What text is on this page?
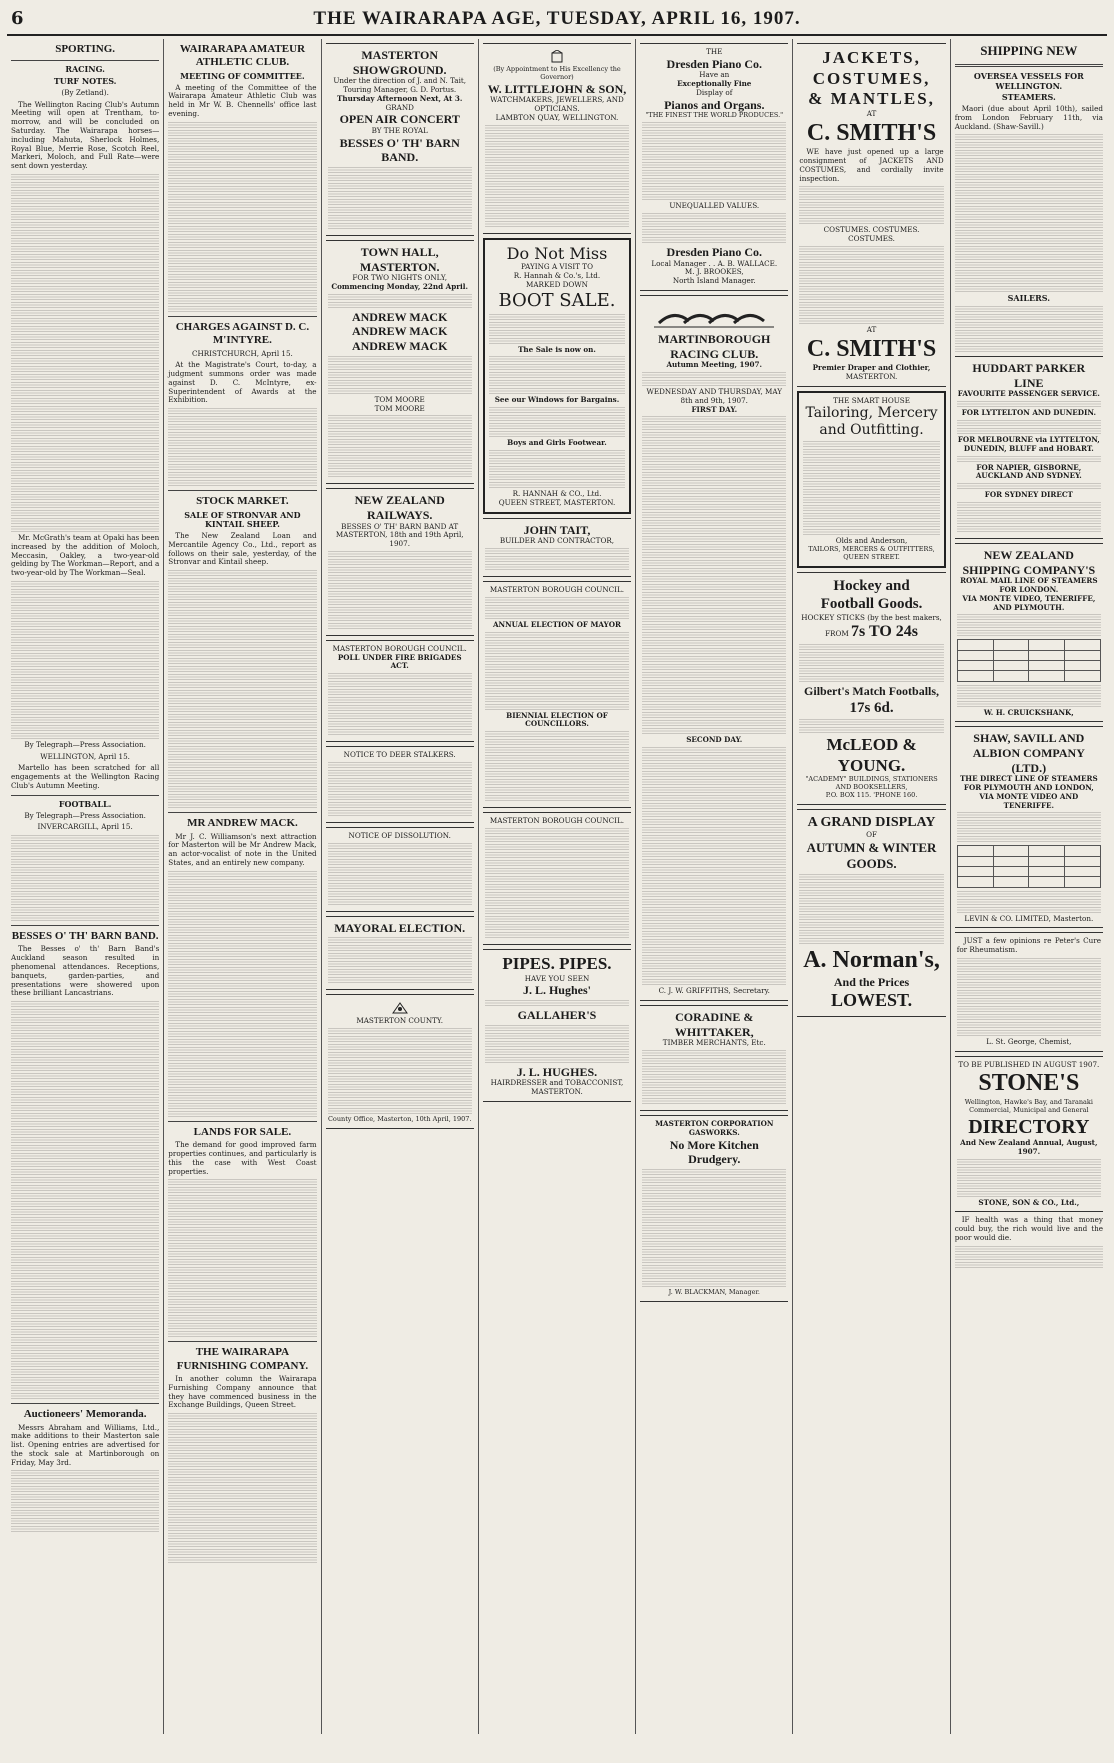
6	THE WAIRARAPA AGE, TUESDAY, APRIL 16, 1907.
SPORTING.
RACING.
TURF NOTES.

(By Zetland).

The Wellington Racing Club's Autumn Meeting will open at Trentham, to-morrow, and will be concluded on Saturday. The Wairarapa horses—including Mahuta, Sherlock Holmes, Royal Blue, Merrie Rose, Scotch Reel, Markeri, Moloch, and Full Rate—were sent down yesterday.

Mr. McGrath's team at Opaki has been increased by the addition of Moloch, Meccasin, Oakley, a two-year-old gelding by The Workman—Report, and a two-year-old by The Workman—Seal.

By Telegraph—Press Association.

WELLINGTON, April 15.

Martello has been scratched for all engagements at the Wellington Racing Club's Autumn Meeting.

FOOTBALL.

By Telegraph—Press Association.

INVERCARGILL, April 15.

BESSES O' TH' BARN BAND.

The Besses o' th' Barn Band's Auckland season resulted in phenomenal attendances. Receptions, banquets, garden-parties, and presentations were showered upon these brilliant Lancastrians.

Auctioneers' Memoranda.

Messrs Abraham and Williams, Ltd., make additions to their Masterton sale list. Opening entries are advertised for the stock sale at Martinborough on Friday, May 3rd.

WAIRARAPA AMATEUR ATHLETIC CLUB.
MEETING OF COMMITTEE.

A meeting of the Committee of the Wairarapa Amateur Athletic Club was held in Mr W. B. Chennells' office last evening.

CHARGES AGAINST D. C. M'INTYRE.

CHRISTCHURCH, April 15.

At the Magistrate's Court, to-day, a judgment summons order was made against D. C. McIntyre, ex-Superintendent of Awards at the Exhibition.

STOCK MARKET.
SALE OF STRONVAR AND KINTAIL SHEEP.

The New Zealand Loan and Mercantile Agency Co., Ltd., report as follows on their sale, yesterday, of the Stronvar and Kintail sheep.

MR ANDREW MACK.

Mr J. C. Williamson's next attraction for Masterton will be Mr Andrew Mack, an actor-vocalist of note in the United States, and an entirely new company.

LANDS FOR SALE.

The demand for good improved farm properties continues, and particularly is this the case with West Coast properties.

THE WAIRARAPA FURNISHING COMPANY.

In another column the Wairarapa Furnishing Company announce that they have commenced business in the Exchange Buildings, Queen Street.

MASTERTON SHOWGROUND.
Under the direction of J. and N. Tait, Touring Manager, G. D. Portus.
Thursday Afternoon Next, At 3.
GRAND
OPEN AIR CONCERT
BY THE ROYAL
BESSES O' TH' BARN BAND.
TOWN HALL, MASTERTON.
FOR TWO NIGHTS ONLY,
Commencing Monday, 22nd April.
ANDREW MACK
ANDREW MACK
ANDREW MACK
TOM MOORE
TOM MOORE
NEW ZEALAND RAILWAYS.
BESSES O' TH' BARN BAND AT MASTERTON, 18th and 19th April, 1907.
MASTERTON BOROUGH COUNCIL.
POLL UNDER FIRE BRIGADES ACT.
NOTICE TO DEER STALKERS.
NOTICE OF DISSOLUTION.
MAYORAL ELECTION.
MASTERTON COUNTY.
County Office, Masterton, 10th April, 1907.
(By Appointment to His Excellency the Governor)
W. LITTLEJOHN & SON,
WATCHMAKERS, JEWELLERS, AND OPTICIANS.
LAMBTON QUAY, WELLINGTON.
Do Not Miss
PAYING A VISIT TO
R. Hannah & Co.'s, Ltd.
MARKED DOWN
BOOT SALE.
The Sale is now on.
See our Windows for Bargains.
Boys and Girls Footwear.
R. HANNAH & CO., Ltd.
QUEEN STREET, MASTERTON.
JOHN TAIT,
BUILDER AND CONTRACTOR,
MASTERTON BOROUGH COUNCIL.
ANNUAL ELECTION OF MAYOR
BIENNIAL ELECTION OF COUNCILLORS.
MASTERTON BOROUGH COUNCIL.
PIPES. PIPES.
HAVE YOU SEEN
J. L. Hughes'
GALLAHER'S
J. L. HUGHES.
HAIRDRESSER and TOBACCONIST,
MASTERTON.
THE
Dresden Piano Co.
Have an
Exceptionally Fine
Display of
Pianos and Organs.
"THE FINEST THE WORLD PRODUCES."
UNEQUALLED VALUES.
Dresden Piano Co.
Local Manager . . A. B. WALLACE.
M. J. BROOKES,
North Island Manager.
MARTINBOROUGH RACING CLUB.
Autumn Meeting, 1907.
WEDNESDAY AND THURSDAY, MAY 8th and 9th, 1907.
FIRST DAY.
SECOND DAY.
C. J. W. GRIFFITHS, Secretary.
CORADINE & WHITTAKER,
TIMBER MERCHANTS, Etc.
MASTERTON CORPORATION GASWORKS.
No More Kitchen Drudgery.
J. W. BLACKMAN, Manager.
JACKETS,
COSTUMES,
& MANTLES,
AT
C. SMITH'S

WE have just opened up a large consignment of JACKETS AND COSTUMES, and cordially invite inspection.

COSTUMES. COSTUMES. COSTUMES.
AT
C. SMITH'S
Premier Draper and Clothier,
MASTERTON.
THE SMART HOUSE
Tailoring, Mercery and Outfitting.
Olds and Anderson,
TAILORS, MERCERS & OUTFITTERS, QUEEN STREET.
Hockey and
Football Goods.
HOCKEY STICKS (by the best makers,
FROM 7s TO 24s
Gilbert's Match Footballs,
17s 6d.
McLEOD & YOUNG.
"ACADEMY" BUILDINGS, STATIONERS AND BOOKSELLERS,
P.O. BOX 115. 'PHONE 160.
A GRAND DISPLAY
OF
AUTUMN & WINTER GOODS.
A. Norman's,
And the Prices
LOWEST.
SHIPPING NEW
OVERSEA VESSELS FOR WELLINGTON.
STEAMERS.

Maori (due about April 10th), sailed from London February 11th, via Auckland. (Shaw-Savill.)

SAILERS.
HUDDART PARKER LINE
FAVOURITE PASSENGER SERVICE.
FOR LYTTELTON AND DUNEDIN.
FOR MELBOURNE via LYTTELTON, DUNEDIN, BLUFF and HOBART.
FOR NAPIER, GISBORNE, AUCKLAND AND SYDNEY.
FOR SYDNEY DIRECT
NEW ZEALAND SHIPPING COMPANY'S
ROYAL MAIL LINE OF STEAMERS FOR LONDON.
VIA MONTE VIDEO, TENERIFFE, AND PLYMOUTH.

W. H. CRUICKSHANK,
SHAW, SAVILL AND ALBION COMPANY (LTD.)
THE DIRECT LINE OF STEAMERS FOR PLYMOUTH AND LONDON, VIA MONTE VIDEO AND TENERIFFE.

LEVIN & CO. LIMITED, Masterton.

JUST a few opinions re Peter's Cure for Rheumatism.

L. St. George, Chemist,
TO BE PUBLISHED IN AUGUST 1907.
STONE'S
Wellington, Hawke's Bay, and Taranaki Commercial, Municipal and General
DIRECTORY
And New Zealand Annual, August, 1907.
STONE, SON & CO., Ltd.,

IF health was a thing that money could buy, the rich would live and the poor would die.
